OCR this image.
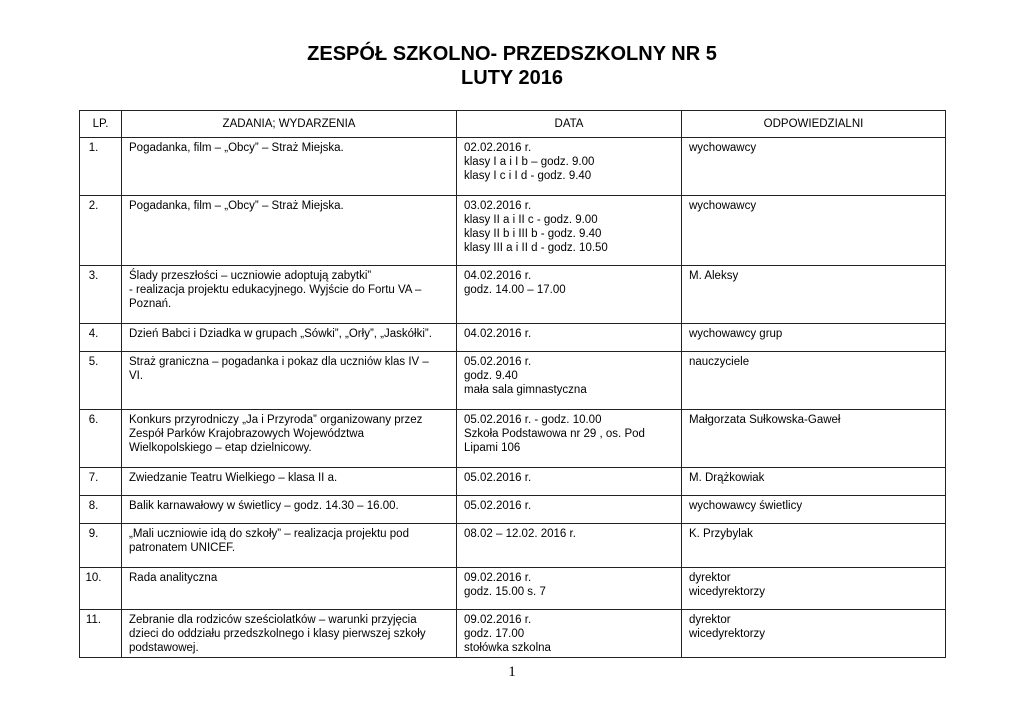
ZESPÓŁ SZKOLNO- PRZEDSZKOLNY NR 5
LUTY 2016
LP.	ZADANIA; WYDARZENIA	DATA	ODPOWIEDZIALNI
1.	Pogadanka, film – „Obcy” – Straż Miejska.	02.02.2016 r.
klasy I a i I b – godz. 9.00
klasy I c i I d - godz. 9.40	wychowawcy

2.	Pogadanka, film – „Obcy” – Straż Miejska.	03.02.2016 r.
klasy II a i II c - godz. 9.00
klasy II b i III b - godz. 9.40
klasy III a i II d - godz. 10.50	wychowawcy

3.	Ślady przeszłości – uczniowie adoptują zabytki”
- realizacja projektu edukacyjnego. Wyjście do Fortu VA –
Poznań.	04.02.2016 r.
godz. 14.00 – 17.00	M. Aleksy

4.	Dzień Babci i Dziadka w grupach „Sówki”, „Orły”, „Jaskółki”.	04.02.2016 r.	wychowawcy grup

5.	Straż graniczna – pogadanka i pokaz dla uczniów klas IV –
VI.	05.02.2016 r.
godz. 9.40
mała sala gimnastyczna	nauczyciele

6.	Konkurs przyrodniczy „Ja i Przyroda” organizowany przez
Zespół Parków Krajobrazowych Województwa
Wielkopolskiego – etap dzielnicowy.	05.02.2016 r. - godz. 10.00
Szkoła Podstawowa nr 29 , os. Pod
Lipami 106	Małgorzata Sułkowska-Gaweł

7.	Zwiedzanie Teatru Wielkiego – klasa II a.	05.02.2016 r.	M. Drążkowiak

8.	Balik karnawałowy w świetlicy – godz. 14.30 – 16.00.	05.02.2016 r.	wychowawcy świetlicy

9.	„Mali uczniowie idą do szkoły” – realizacja projektu pod
patronatem UNICEF.	08.02 – 12.02. 2016 r.	K. Przybylak

10.	Rada analityczna	09.02.2016 r.
godz. 15.00 s. 7	dyrektor
wicedyrektorzy

11.	Zebranie dla rodziców sześciolatków – warunki przyjęcia
dzieci do oddziału przedszkolnego i klasy pierwszej szkoły
podstawowej.	09.02.2016 r.
godz. 17.00
stołówka szkolna	dyrektor
wicedyrektorzy
1
